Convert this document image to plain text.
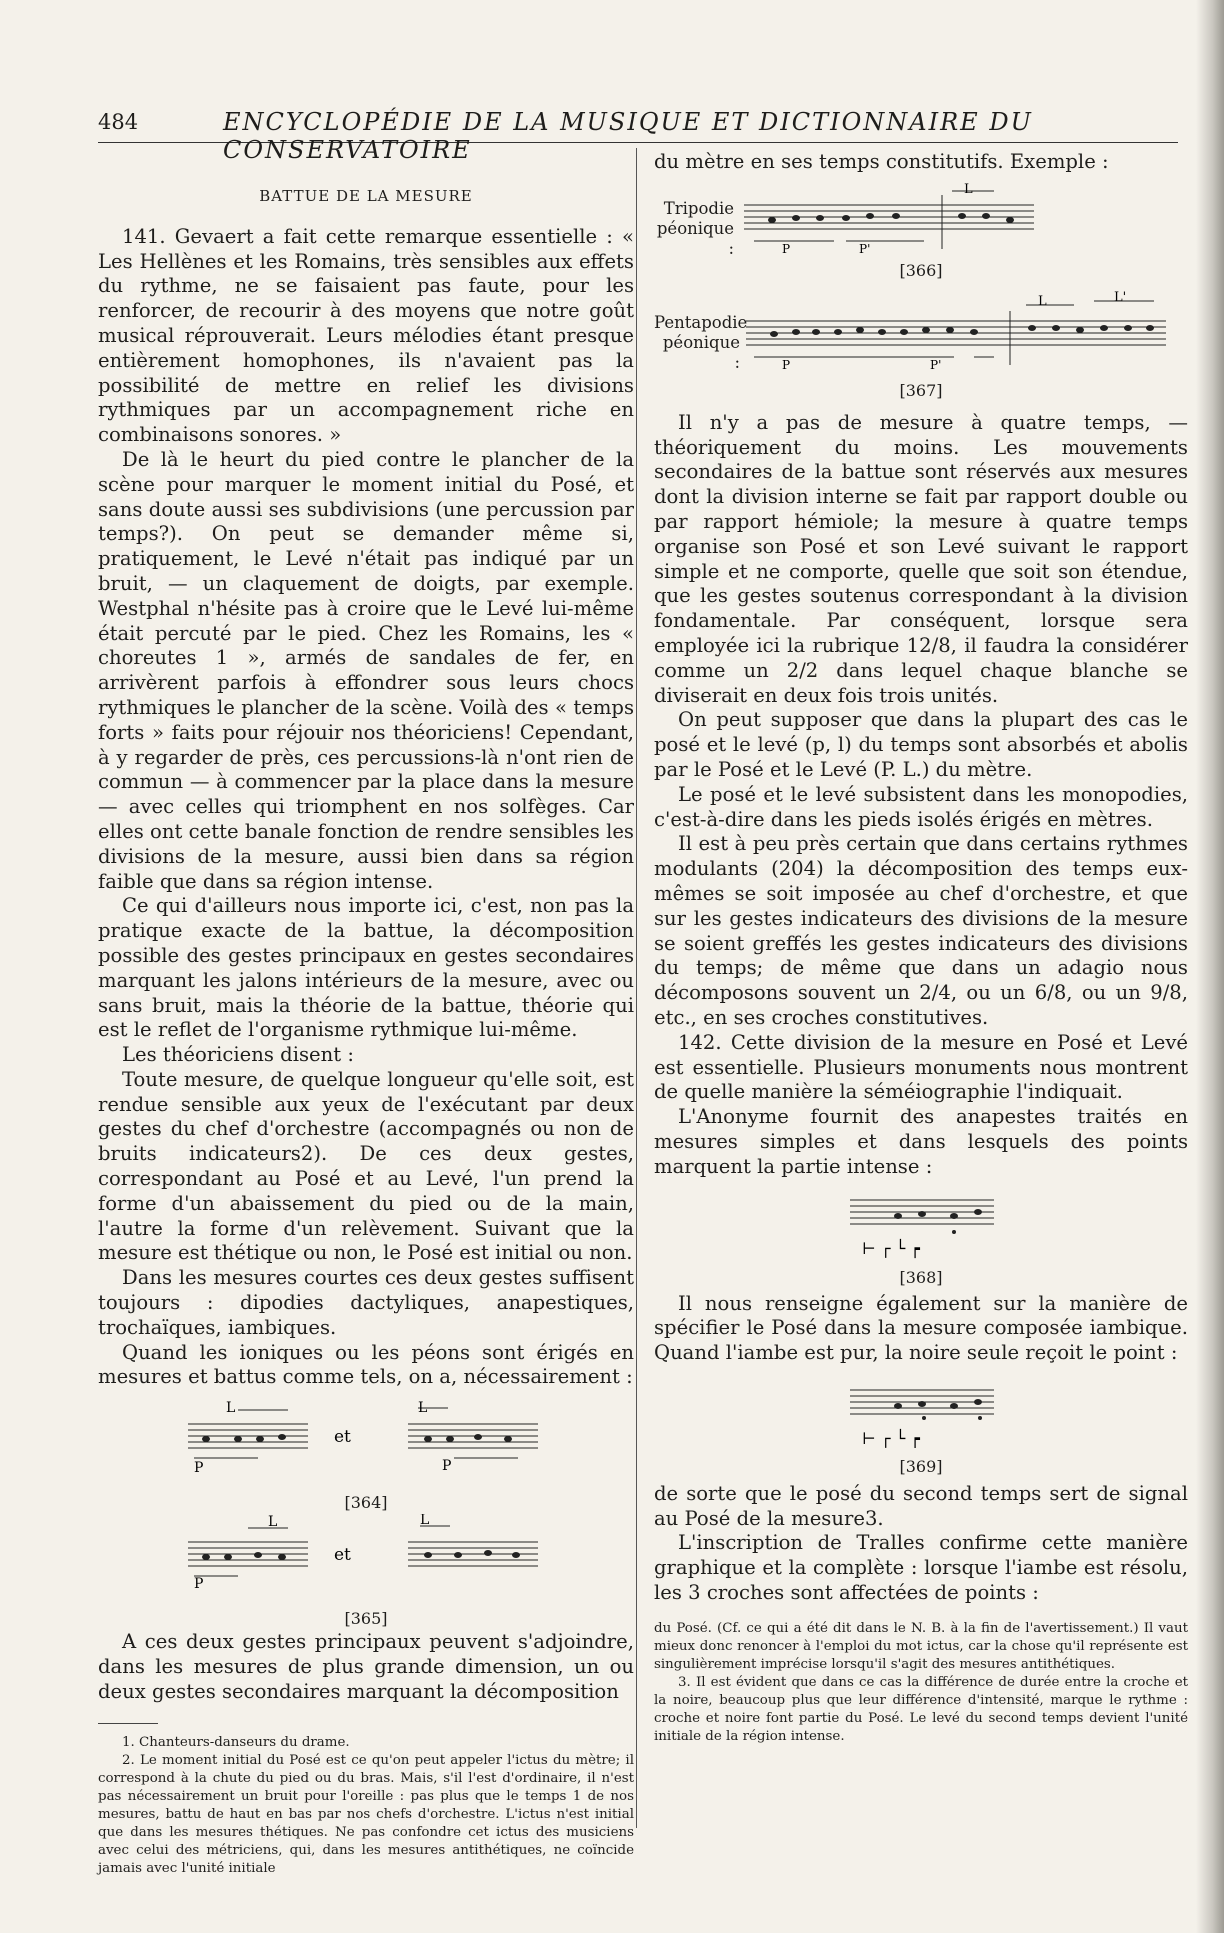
484	ENCYCLOPÉDIE DE LA MUSIQUE ET DICTIONNAIRE DU CONSERVATOIRE

BATTUE DE LA MESURE

141. Gevaert a fait cette remarque essentielle : « Les Hellènes et les Romains, très sensibles aux effets du rythme, ne se faisaient pas faute, pour les renforcer, de recourir à des moyens que notre goût musical réprouverait. Leurs mélodies étant presque entièrement homophones, ils n'avaient pas la possibilité de mettre en relief les divisions rythmiques par un accompagnement riche en combinaisons sonores. »

De là le heurt du pied contre le plancher de la scène pour marquer le moment initial du Posé, et sans doute aussi ses subdivisions (une percussion par temps?). On peut se demander même si, pratiquement, le Levé n'était pas indiqué par un bruit, — un claquement de doigts, par exemple. Westphal n'hésite pas à croire que le Levé lui-même était percuté par le pied. Chez les Romains, les « choreutes 1 », armés de sandales de fer, en arrivèrent parfois à effondrer sous leurs chocs rythmiques le plancher de la scène. Voilà des « temps forts » faits pour réjouir nos théoriciens! Cependant, à y regarder de près, ces percussions-là n'ont rien de commun — à commencer par la place dans la mesure — avec celles qui triomphent en nos solfèges. Car elles ont cette banale fonction de rendre sensibles les divisions de la mesure, aussi bien dans sa région faible que dans sa région intense.

Ce qui d'ailleurs nous importe ici, c'est, non pas la pratique exacte de la battue, la décomposition possible des gestes principaux en gestes secondaires marquant les jalons intérieurs de la mesure, avec ou sans bruit, mais la théorie de la battue, théorie qui est le reflet de l'organisme rythmique lui-même.

Les théoriciens disent :

Toute mesure, de quelque longueur qu'elle soit, est rendue sensible aux yeux de l'exécutant par deux gestes du chef d'orchestre (accompagnés ou non de bruits indicateurs2). De ces deux gestes, correspondant au Posé et au Levé, l'un prend la forme d'un abaissement du pied ou de la main, l'autre la forme d'un relèvement. Suivant que la mesure est thétique ou non, le Posé est initial ou non.

Dans les mesures courtes ces deux gestes suffisent toujours : dipodies dactyliques, anapestiques, trochaïques, iambiques.

Quand les ioniques ou les péons sont érigés en mesures et battus comme tels, on a, nécessairement :

P
L
et
L
P
[364]
P
L
et
L
[365]

A ces deux gestes principaux peuvent s'adjoindre, dans les mesures de plus grande dimension, un ou deux gestes secondaires marquant la décomposition

1. Chanteurs-danseurs du drame.

2. Le moment initial du Posé est ce qu'on peut appeler l'ictus du mètre; il correspond à la chute du pied ou du bras. Mais, s'il l'est d'ordinaire, il n'est pas nécessairement un bruit pour l'oreille : pas plus que le temps 1 de nos mesures, battu de haut en bas par nos chefs d'orchestre. L'ictus n'est initial que dans les mesures thétiques. Ne pas confondre cet ictus des musiciens avec celui des métriciens, qui, dans les mesures antithétiques, ne coïncide jamais avec l'unité initiale

du mètre en ses temps constitutifs. Exemple :

Tripodie péonique :	P	P'
L
[366]
Pentapodie péonique :	P	P'
L	L'
[367]

Il n'y a pas de mesure à quatre temps, — théoriquement du moins. Les mouvements secondaires de la battue sont réservés aux mesures dont la division interne se fait par rapport double ou par rapport hémiole; la mesure à quatre temps organise son Posé et son Levé suivant le rapport simple et ne comporte, quelle que soit son étendue, que les gestes soutenus correspondant à la division fondamentale. Par conséquent, lorsque sera employée ici la rubrique 12/8, il faudra la considérer comme un 2/2 dans lequel chaque blanche se diviserait en deux fois trois unités.

On peut supposer que dans la plupart des cas le posé et le levé (p, l) du temps sont absorbés et abolis par le Posé et le Levé (P. L.) du mètre.

Le posé et le levé subsistent dans les monopodies, c'est-à-dire dans les pieds isolés érigés en mètres.

Il est à peu près certain que dans certains rythmes modulants (204) la décomposition des temps eux-mêmes se soit imposée au chef d'orchestre, et que sur les gestes indicateurs des divisions de la mesure se soient greffés les gestes indicateurs des divisions du temps; de même que dans un adagio nous décomposons souvent un 2/4, ou un 6/8, ou un 9/8, etc., en ses croches constitutives.

142. Cette division de la mesure en Posé et Levé est essentielle. Plusieurs monuments nous montrent de quelle manière la séméiographie l'indiquait.

L'Anonyme fournit des anapestes traités en mesures simples et dans lesquels des points marquent la partie intense :

⊢ ┌ └ ┍
[368]

Il nous renseigne également sur la manière de spécifier le Posé dans la mesure composée iambique. Quand l'iambe est pur, la noire seule reçoit le point :

⊢ ┌ └ ┍
[369]

de sorte que le posé du second temps sert de signal au Posé de la mesure3.

L'inscription de Tralles confirme cette manière graphique et la complète : lorsque l'iambe est résolu, les 3 croches sont affectées de points :

du Posé. (Cf. ce qui a été dit dans le N. B. à la fin de l'avertissement.) Il vaut mieux donc renoncer à l'emploi du mot ictus, car la chose qu'il représente est singulièrement imprécise lorsqu'il s'agit des mesures antithétiques.

3. Il est évident que dans ce cas la différence de durée entre la croche et la noire, beaucoup plus que leur différence d'intensité, marque le rythme : croche et noire font partie du Posé. Le levé du second temps devient l'unité initiale de la région intense.
